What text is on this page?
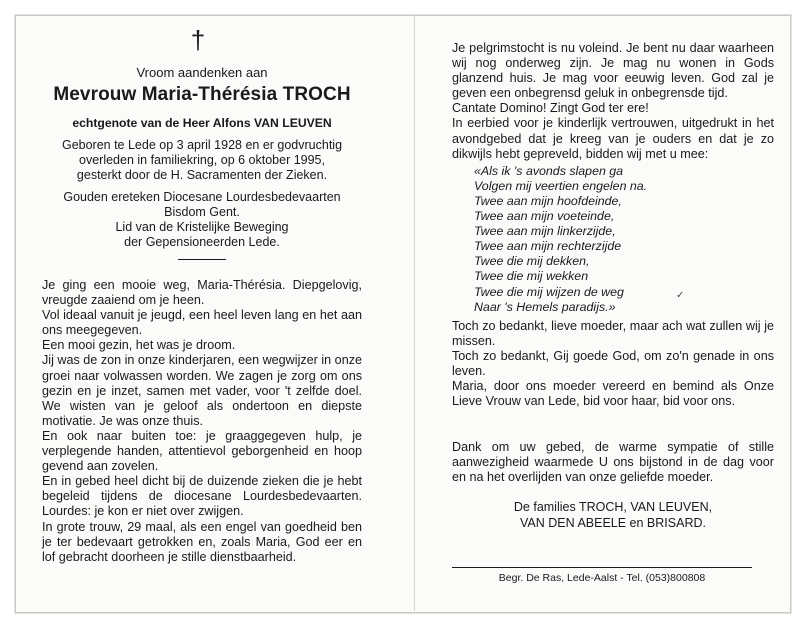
†
Vroom aandenken aan
Mevrouw Maria-Thérésia TROCH
echtgenote van de Heer Alfons VAN LEUVEN
Geboren te Lede op 3 april 1928 en er godvruchtig
overleden in familiekring, op 6 oktober 1995,
gesterkt door de H. Sacramenten der Zieken.
Gouden ereteken Diocesane Lourdesbedevaarten
Bisdom Gent.
Lid van de Kristelijke Beweging
der Gepensioneerden Lede.

Je ging een mooie weg, Maria-Thérésia. Diepgelovig, vreugde zaaiend om je heen.

Vol ideaal vanuit je jeugd, een heel leven lang en het aan ons meegegeven.

Een mooi gezin, het was je droom.

Jij was de zon in onze kinderjaren, een wegwijzer in onze groei naar volwassen worden. We zagen je zorg om ons gezin en je inzet, samen met vader, voor 't zelfde doel. We wisten van je geloof als ondertoon en diepste motivatie. Je was onze thuis.

En ook naar buiten toe: je graaggegeven hulp, je verplegende handen, attentievol geborgenheid en hoop gevend aan zovelen.

En in gebed heel dicht bij de duizende zieken die je hebt begeleid tijdens de diocesane Lourdesbedevaarten. Lourdes: je kon er niet over zwijgen.

In grote trouw, 29 maal, als een engel van goedheid ben je ter bedevaart getrokken en, zoals Maria, God eer en lof gebracht doorheen je stille dienstbaarheid.

Je pelgrimstocht is nu voleind. Je bent nu daar waarheen wij nog onderweg zijn. Je mag nu wonen in Gods glanzend huis. Je mag voor eeuwig leven. God zal je geven een onbegrensd geluk in onbegrensde tijd.

Cantate Domino! Zingt God ter ere!

In eerbied voor je kinderlijk vertrouwen, uitgedrukt in het avondgebed dat je kreeg van je ouders en dat je zo dikwijls hebt gepreveld, bidden wij met u mee:

«Als ik 's avonds slapen ga
Volgen mij veertien engelen na.
Twee aan mijn hoofdeinde,
Twee aan mijn voeteinde,
Twee aan mijn linkerzijde,
Twee aan mijn rechterzijde
Twee die mij dekken,
Twee die mij wekken
Twee die mij wijzen de weg
Naar 's Hemels paradijs.»

Toch zo bedankt, lieve moeder, maar ach wat zullen wij je missen.

Toch zo bedankt, Gij goede God, om zo'n genade in ons leven.

Maria, door ons moeder vereerd en bemind als Onze Lieve Vrouw van Lede, bid voor haar, bid voor ons.

Dank om uw gebed, de warme sympatie of stille aanwezigheid waarmede U ons bijstond in de dag voor en na het overlijden van onze geliefde moeder.

De families TROCH, VAN LEUVEN,
VAN DEN ABEELE en BRISARD.
✓
Begr. De Ras, Lede-Aalst - Tel. (053)800808
